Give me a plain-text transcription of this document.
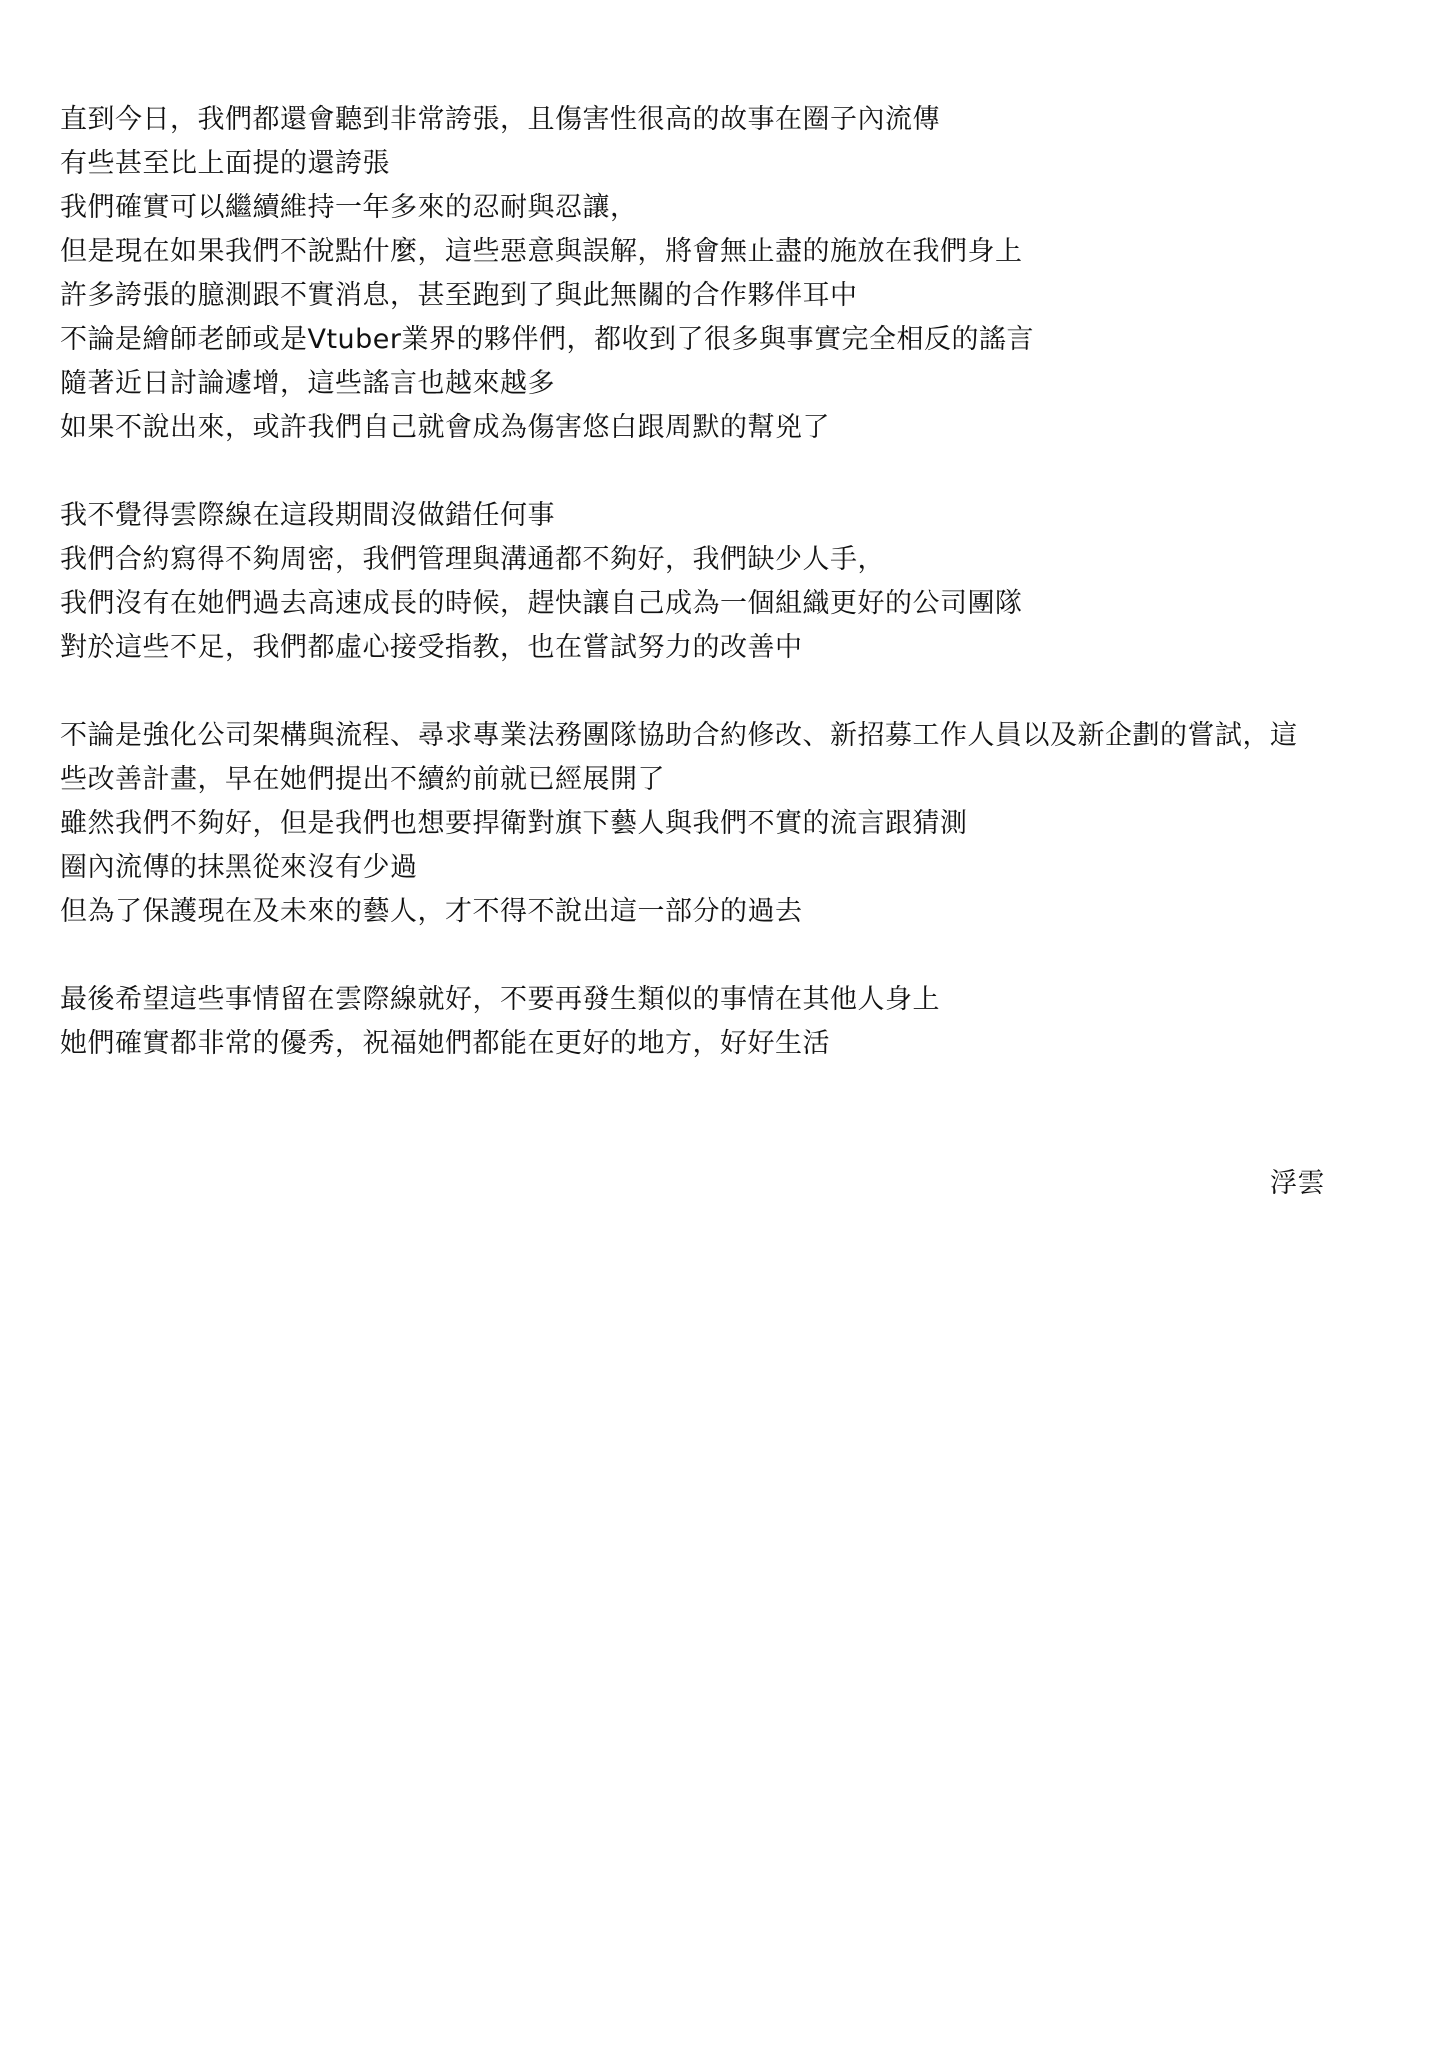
直到今日，我們都還會聽到非常誇張，且傷害性很高的故事在圈子內流傳
有些甚至比上面提的還誇張
我們確實可以繼續維持一年多來的忍耐與忍讓，
但是現在如果我們不說點什麼，這些惡意與誤解，將會無止盡的施放在我們身上
許多誇張的臆測跟不實消息，甚至跑到了與此無關的合作夥伴耳中
不論是繪師老師或是Vtuber業界的夥伴們，都收到了很多與事實完全相反的謠言
隨著近日討論遽增，這些謠言也越來越多
如果不說出來，或許我們自己就會成為傷害悠白跟周默的幫兇了
我不覺得雲際線在這段期間沒做錯任何事
我們合約寫得不夠周密，我們管理與溝通都不夠好，我們缺少人手，
我們沒有在她們過去高速成長的時候，趕快讓自己成為一個組織更好的公司團隊
對於這些不足，我們都虛心接受指教，也在嘗試努力的改善中
不論是強化公司架構與流程、尋求專業法務團隊協助合約修改、新招募工作人員以及新企劃的嘗試，這
些改善計畫，早在她們提出不續約前就已經展開了
雖然我們不夠好，但是我們也想要捍衛對旗下藝人與我們不實的流言跟猜測
圈內流傳的抹黑從來沒有少過
但為了保護現在及未來的藝人，才不得不說出這一部分的過去
最後希望這些事情留在雲際線就好，不要再發生類似的事情在其他人身上
她們確實都非常的優秀，祝福她們都能在更好的地方，好好生活
浮雲
